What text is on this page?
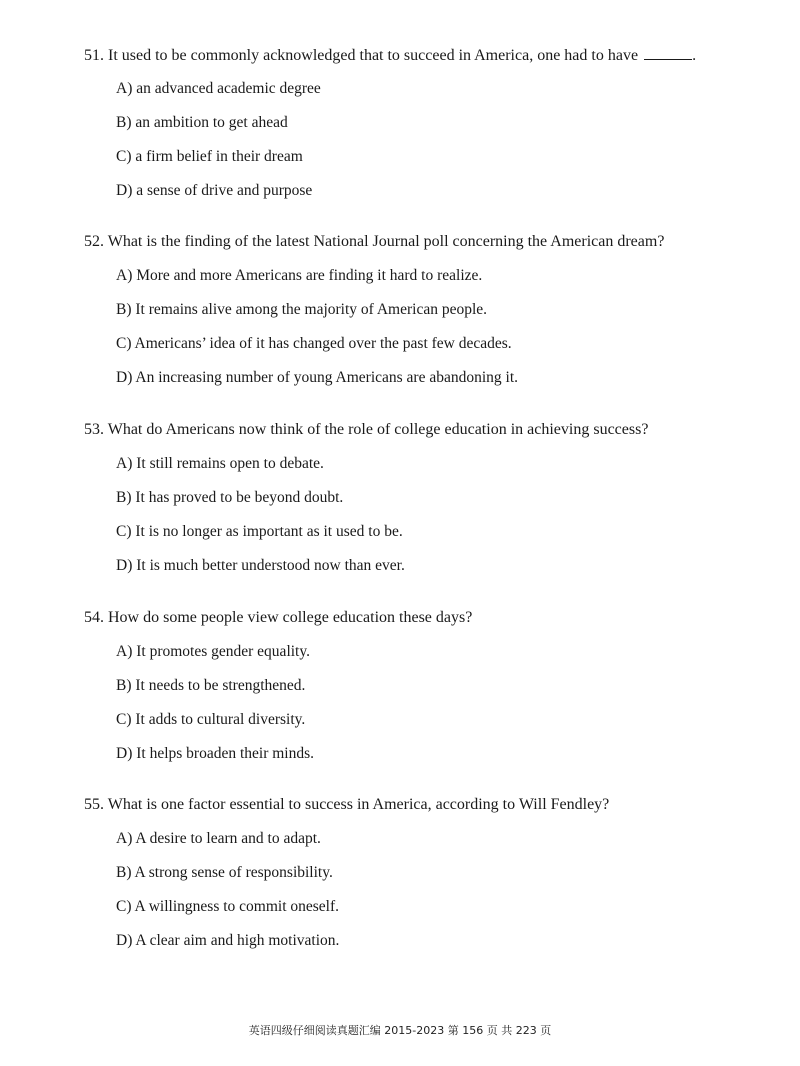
51. It used to be commonly acknowledged that to succeed in America, one had to have	.
A) an advanced academic degree
B) an ambition to get ahead
C) a firm belief in their dream
D) a sense of drive and purpose
52. What is the finding of the latest National Journal poll concerning the American dream?
A) More and more Americans are finding it hard to realize.
B) It remains alive among the majority of American people.
C) Americans’ idea of it has changed over the past few decades.
D) An increasing number of young Americans are abandoning it.
53. What do Americans now think of the role of college education in achieving success?
A) It still remains open to debate.
B) It has proved to be beyond doubt.
C) It is no longer as important as it used to be.
D) It is much better understood now than ever.
54. How do some people view college education these days?
A) It promotes gender equality.
B) It needs to be strengthened.
C) It adds to cultural diversity.
D) It helps broaden their minds.
55. What is one factor essential to success in America, according to Will Fendley?
A) A desire to learn and to adapt.
B) A strong sense of responsibility.
C) A willingness to commit oneself.
D) A clear aim and high motivation.
英语四级仔细阅读真题汇编 2015-2023 第 156 页 共 223 页
